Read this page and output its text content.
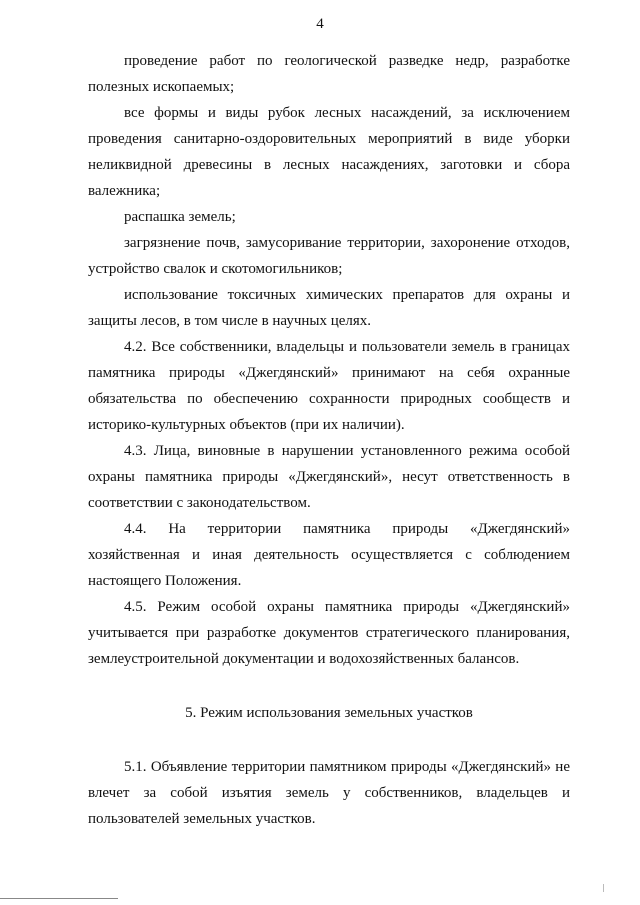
4

проведение работ по геологической разведке недр, разработке полезных ископаемых;

все формы и виды рубок лесных насаждений, за исключением проведения санитарно-оздоровительных мероприятий в виде уборки неликвидной древесины в лесных насаждениях, заготовки и сбора валежника;

распашка земель;

загрязнение почв, замусоривание территории, захоронение отходов, устройство свалок и скотомогильников;

использование токсичных химических препаратов для охраны и защиты лесов, в том числе в научных целях.

4.2. Все собственники, владельцы и пользователи земель в границах памятника природы «Джегдянский» принимают на себя охранные обязательства по обеспечению сохранности природных сообществ и историко-культурных объектов (при их наличии).

4.3. Лица, виновные в нарушении установленного режима особой охраны памятника природы «Джегдянский», несут ответственность в соответствии с законодательством.

4.4. На территории памятника природы «Джегдянский» хозяйственная и иная деятельность осуществляется с соблюдением настоящего Положения.

4.5. Режим особой охраны памятника природы «Джегдянский» учитывается при разработке документов стратегического планирования, землеустроительной документации и водохозяйственных балансов.

5. Режим использования земельных участков

5.1. Объявление территории памятником природы «Джегдянский» не влечет за собой изъятия земель у собственников, владельцев и пользователей земельных участков.
